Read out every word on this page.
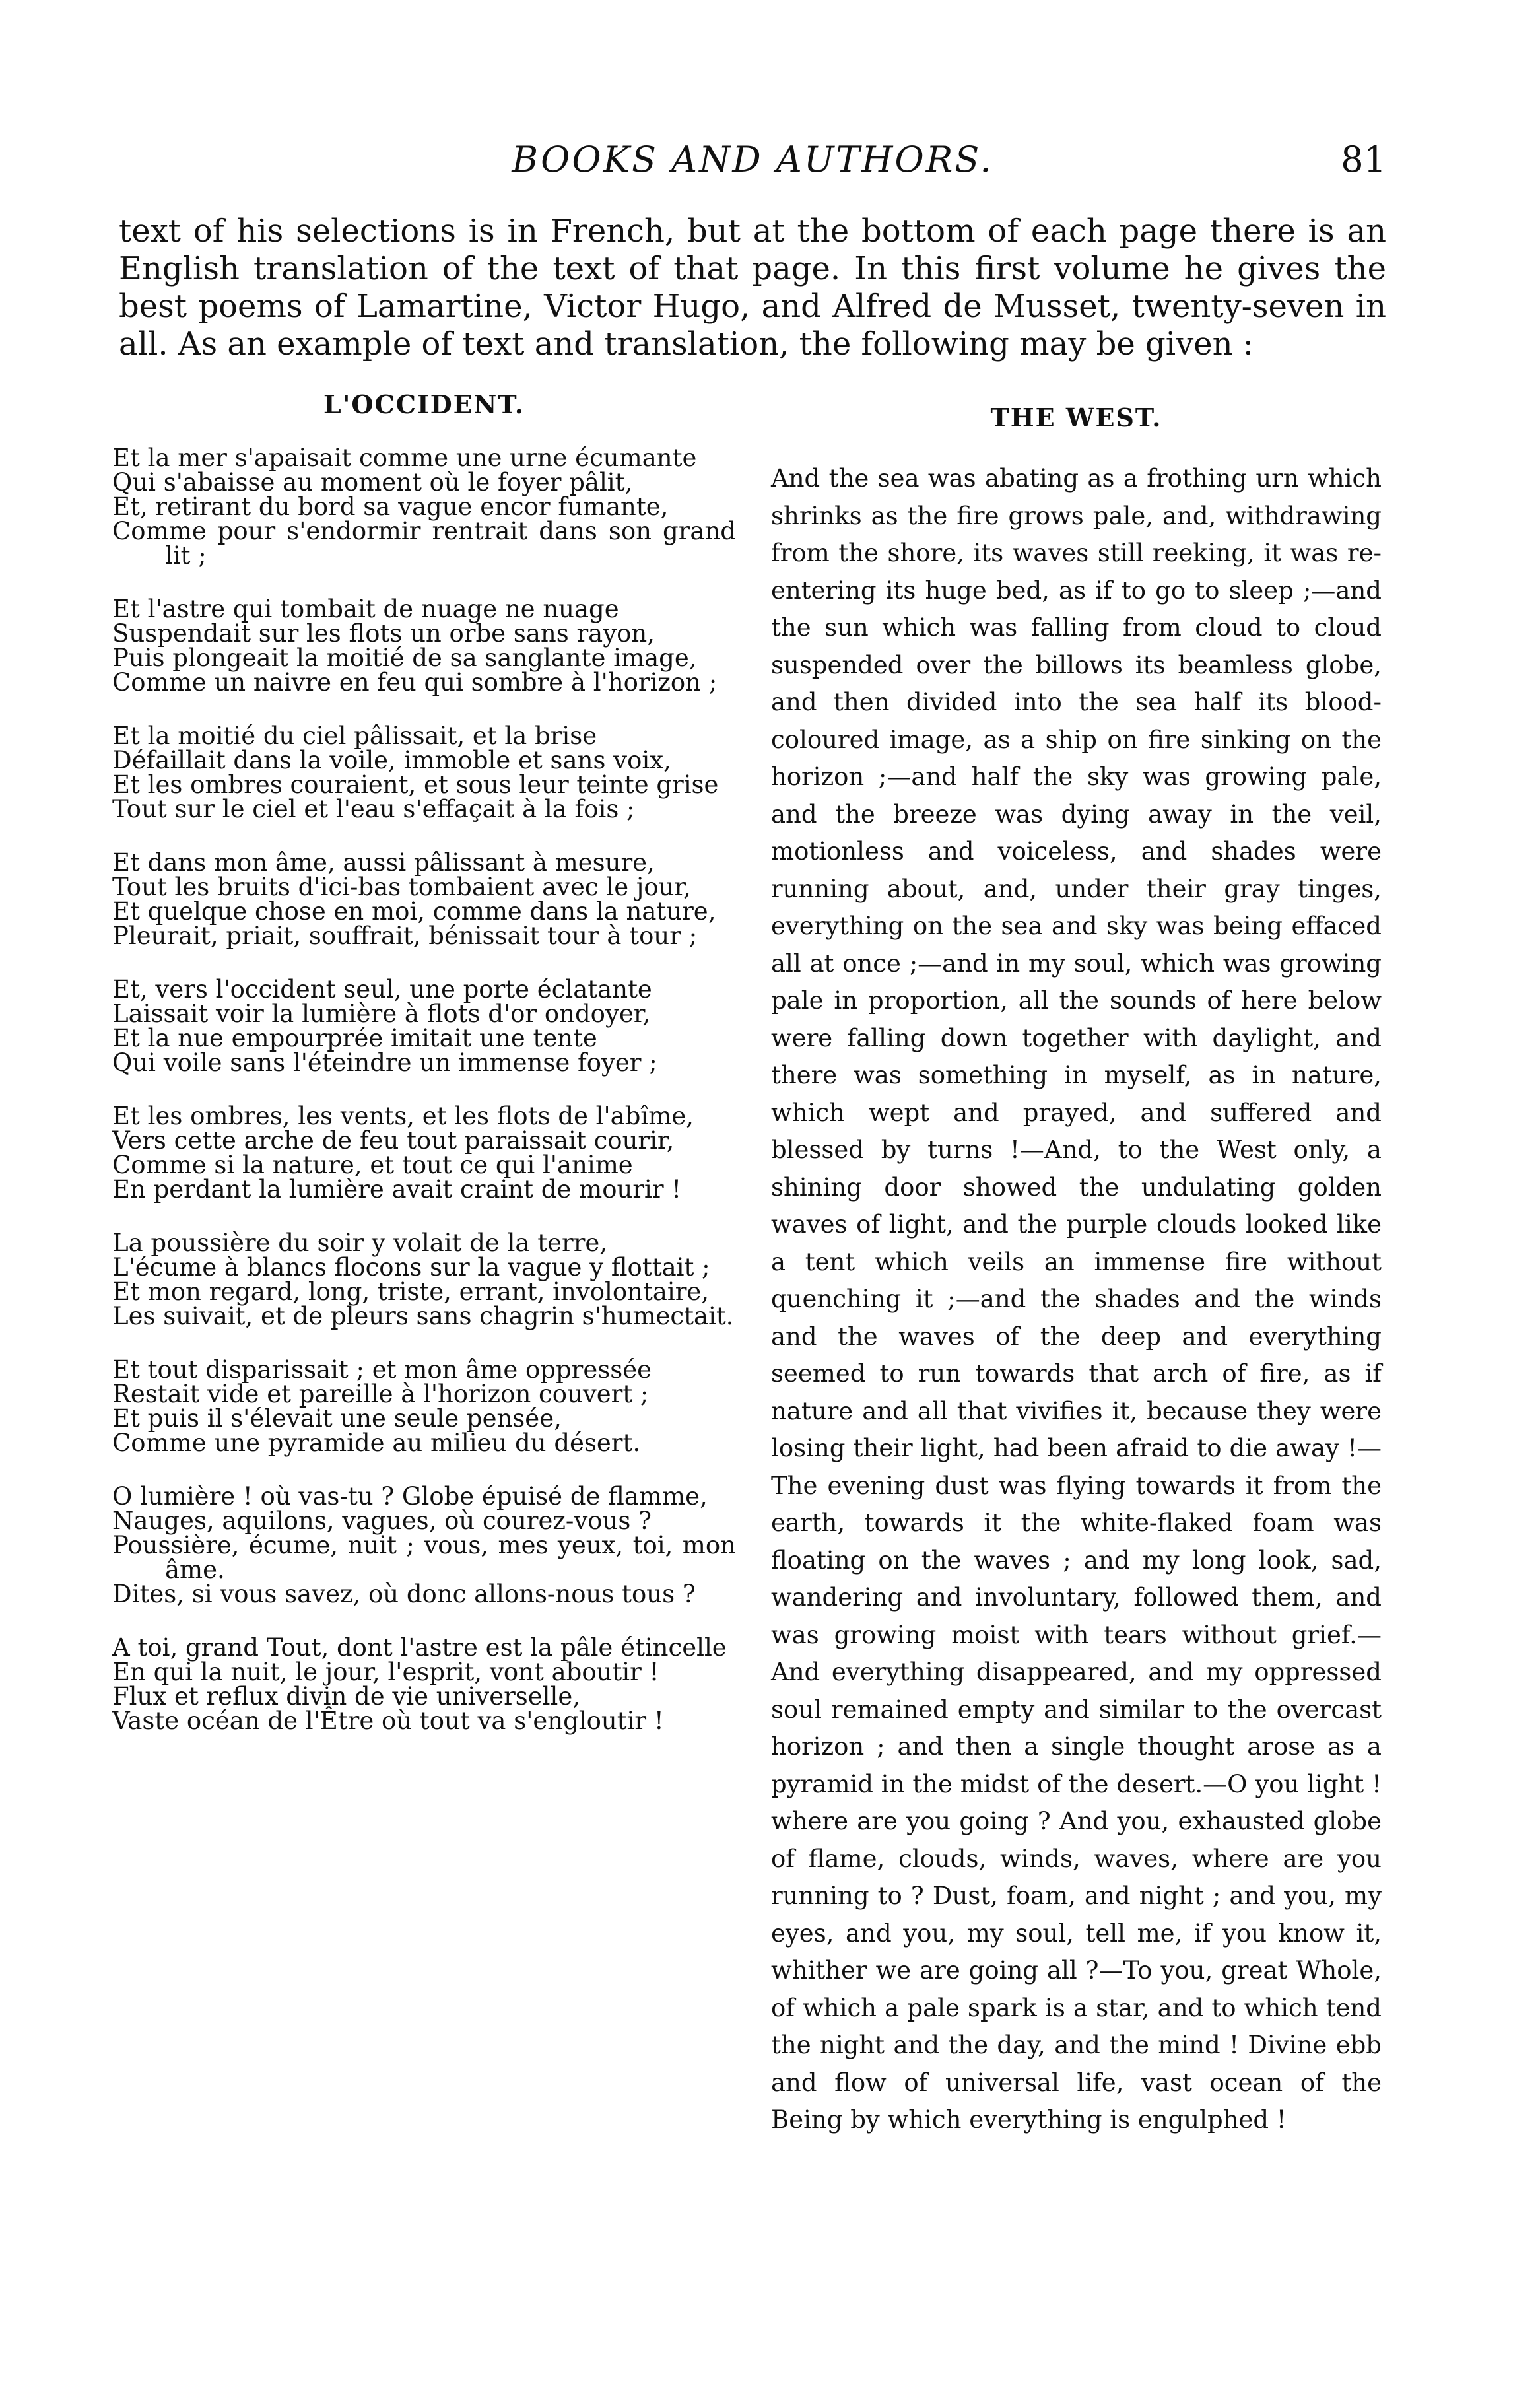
BOOKS AND AUTHORS.	81

text of his selections is in French, but at the bottom of each page there is an English translation of the text of that page. In this first volume he gives the best poems of Lamartine, Victor Hugo, and Alfred de Musset, twenty-seven in all. As an example of text and translation, the following may be given :

L'OCCIDENT.
Et la mer s'apaisait comme une urne écumante
Qui s'abaisse au moment où le foyer pâlit,
Et, retirant du bord sa vague encor fumante,
Comme pour s'endormir rentrait dans son grand lit ;
Et l'astre qui tombait de nuage ne nuage
Suspendait sur les flots un orbe sans rayon,
Puis plongeait la moitié de sa sanglante image,
Comme un naivre en feu qui sombre à l'horizon ;
Et la moitié du ciel pâlissait, et la brise
Défaillait dans la voile, immoble et sans voix,
Et les ombres couraient, et sous leur teinte grise
Tout sur le ciel et l'eau s'effaçait à la fois ;
Et dans mon âme, aussi pâlissant à mesure,
Tout les bruits d'ici-bas tombaient avec le jour,
Et quelque chose en moi, comme dans la nature,
Pleurait, priait, souffrait, bénissait tour à tour ;
Et, vers l'occident seul, une porte éclatante
Laissait voir la lumière à flots d'or ondoyer,
Et la nue empourprée imitait une tente
Qui voile sans l'éteindre un immense foyer ;
Et les ombres, les vents, et les flots de l'abîme,
Vers cette arche de feu tout paraissait courir,
Comme si la nature, et tout ce qui l'anime
En perdant la lumière avait craint de mourir !
La poussière du soir y volait de la terre,
L'écume à blancs flocons sur la vague y flottait ;
Et mon regard, long, triste, errant, involontaire,
Les suivait, et de pleurs sans chagrin s'humectait.
Et tout disparissait ; et mon âme oppressée
Restait vide et pareille à l'horizon couvert ;
Et puis il s'élevait une seule pensée,
Comme une pyramide au milieu du désert.
O lumière ! où vas-tu ? Globe épuisé de flamme,
Nauges, aquilons, vagues, où courez-vous ?
Poussière, écume, nuit ; vous, mes yeux, toi, mon âme.
Dites, si vous savez, où donc allons-nous tous ?
A toi, grand Tout, dont l'astre est la pâle étincelle
En qui la nuit, le jour, l'esprit, vont aboutir !
Flux et reflux divin de vie universelle,
Vaste océan de l'Être où tout va s'engloutir !
THE WEST.

And the sea was abating as a frothing urn which shrinks as the fire grows pale, and, withdrawing from the shore, its waves still reeking, it was re-entering its huge bed, as if to go to sleep ;—and the sun which was falling from cloud to cloud suspended over the billows its beamless globe, and then divided into the sea half its blood-coloured image, as a ship on fire sinking on the horizon ;—and half the sky was growing pale, and the breeze was dying away in the veil, motionless and voiceless, and shades were running about, and, under their gray tinges, everything on the sea and sky was being effaced all at once ;—and in my soul, which was growing pale in proportion, all the sounds of here below were falling down together with daylight, and there was something in myself, as in nature, which wept and prayed, and suffered and blessed by turns !—And, to the West only, a shining door showed the undulating golden waves of light, and the purple clouds looked like a tent which veils an immense fire without quenching it ;—and the shades and the winds and the waves of the deep and everything seemed to run towards that arch of fire, as if nature and all that vivifies it, because they were losing their light, had been afraid to die away !—The evening dust was flying towards it from the earth, towards it the white-flaked foam was floating on the waves ; and my long look, sad, wandering and involuntary, followed them, and was growing moist with tears without grief.—And everything disappeared, and my oppressed soul remained empty and similar to the overcast horizon ; and then a single thought arose as a pyramid in the midst of the desert.—O you light ! where are you going ? And you, exhausted globe of flame, clouds, winds, waves, where are you running to ? Dust, foam, and night ; and you, my eyes, and you, my soul, tell me, if you know it, whither we are going all ?—To you, great Whole, of which a pale spark is a star, and to which tend the night and the day, and the mind ! Divine ebb and flow of universal life, vast ocean of the Being by which everything is engulphed !
